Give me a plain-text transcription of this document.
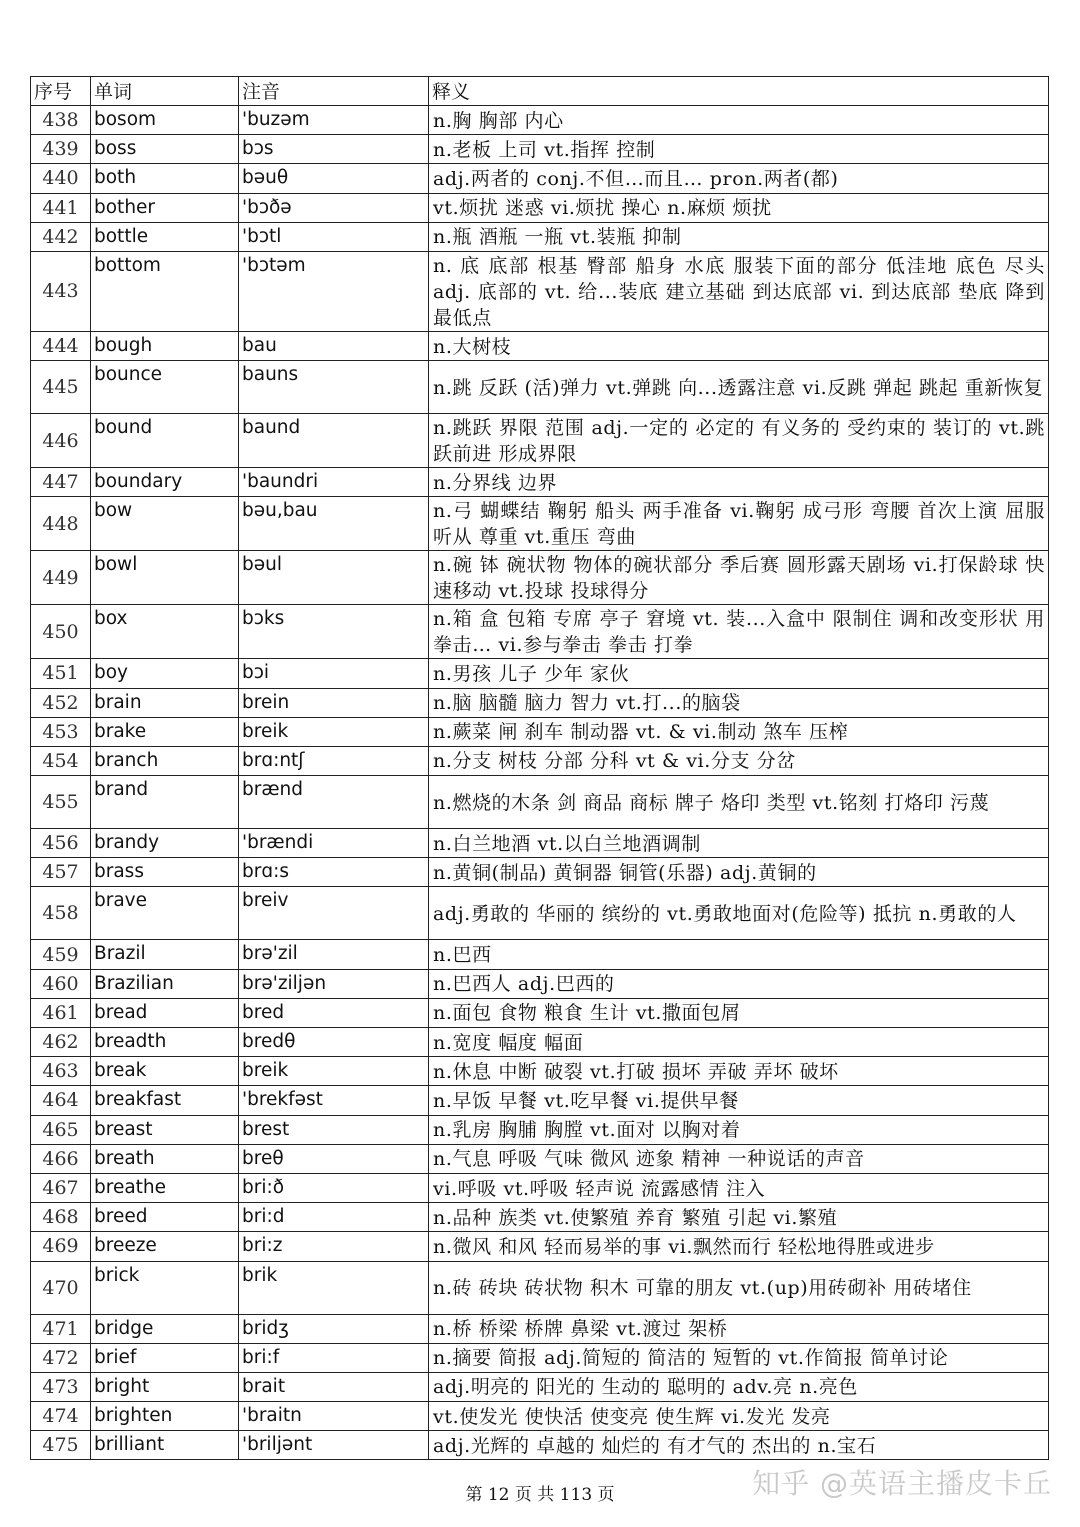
序号	单词	注音	释义
438	bosom	'buzəm	n.胸 胸部 内心

439	boss	bɔs	n.老板 上司 vt.指挥 控制

440	both	bəuθ	adj.两者的 conj.不但…而且… pron.两者(都)

441	bother	'bɔðə	vt.烦扰 迷惑 vi.烦扰 操心 n.麻烦 烦扰

442	bottle	'bɔtl	n.瓶 酒瓶 一瓶 vt.装瓶 抑制

443	bottom	'bɔtəm	n. 底 底部 根基 臀部 船身 水底 服装下面的部分 低洼地 底色 尽头 adj. 底部的 vt. 给...装底 建立基础 到达底部 vi. 到达底部 垫底 降到最低点

444	bough	bau	n.大树枝

445	bounce	bauns	n.跳 反跃 (活)弹力 vt.弹跳 向...透露注意 vi.反跳 弹起 跳起 重新恢复

446	bound	baund	n.跳跃 界限 范围 adj.一定的 必定的 有义务的 受约束的 装订的 vt.跳跃前进 形成界限

447	boundary	'baundri	n.分界线 边界

448	bow	bəu,bau	n.弓 蝴蝶结 鞠躬 船头 两手准备 vi.鞠躬 成弓形 弯腰 首次上演 屈服 听从 尊重 vt.重压 弯曲

449	bowl	bəul	n.碗 钵 碗状物 物体的碗状部分 季后赛 圆形露天剧场 vi.打保龄球 快速移动 vt.投球 投球得分

450	box	bɔks	n.箱 盒 包箱 专席 亭子 窘境 vt. 装...入盒中 限制住 调和改变形状 用拳击… vi.参与拳击 拳击 打拳

451	boy	bɔi	n.男孩 儿子 少年 家伙

452	brain	brein	n.脑 脑髓 脑力 智力 vt.打...的脑袋

453	brake	breik	n.蕨菜 闸 刹车 制动器 vt. & vi.制动 煞车 压榨

454	branch	brɑ:ntʃ	n.分支 树枝 分部 分科 vt & vi.分支 分岔

455	brand	brænd	n.燃烧的木条 剑 商品 商标 牌子 烙印 类型 vt.铭刻 打烙印 污蔑

456	brandy	'brændi	n.白兰地酒 vt.以白兰地酒调制

457	brass	brɑ:s	n.黄铜(制品) 黄铜器 铜管(乐器) adj.黄铜的

458	brave	breiv	adj.勇敢的 华丽的 缤纷的 vt.勇敢地面对(危险等) 抵抗 n.勇敢的人

459	Brazil	brə'zil	n.巴西

460	Brazilian	brə'ziljən	n.巴西人 adj.巴西的

461	bread	bred	n.面包 食物 粮食 生计 vt.撒面包屑

462	breadth	bredθ	n.宽度 幅度 幅面

463	break	breik	n.休息 中断 破裂 vt.打破 损坏 弄破 弄坏 破坏

464	breakfast	'brekfəst	n.早饭 早餐 vt.吃早餐 vi.提供早餐

465	breast	brest	n.乳房 胸脯 胸膛 vt.面对 以胸对着

466	breath	breθ	n.气息 呼吸 气味 微风 迹象 精神 一种说话的声音

467	breathe	bri:ð	vi.呼吸 vt.呼吸 轻声说 流露感情 注入

468	breed	bri:d	n.品种 族类 vt.使繁殖 养育 繁殖 引起 vi.繁殖

469	breeze	bri:z	n.微风 和风 轻而易举的事 vi.飘然而行 轻松地得胜或进步

470	brick	brik	n.砖 砖块 砖状物 积木 可靠的朋友 vt.(up)用砖砌补 用砖堵住

471	bridge	bridʒ	n.桥 桥梁 桥牌 鼻梁 vt.渡过 架桥

472	brief	bri:f	n.摘要 简报 adj.简短的 简洁的 短暂的 vt.作简报 简单讨论

473	bright	brait	adj.明亮的 阳光的 生动的 聪明的 adv.亮 n.亮色

474	brighten	'braitn	vt.使发光 使快活 使变亮 使生辉 vi.发光 发亮

475	brilliant	'briljənt	adj.光辉的 卓越的 灿烂的 有才气的 杰出的 n.宝石
第 12 页 共 113 页	知乎 @英语主播皮卡丘
